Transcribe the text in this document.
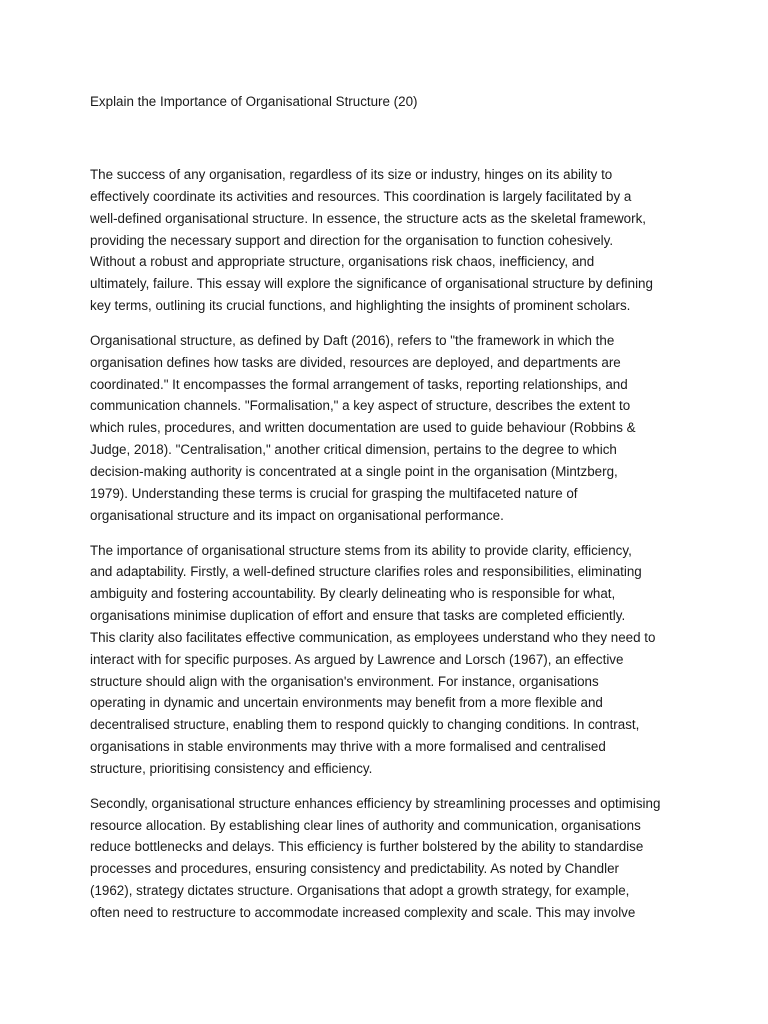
Explain the Importance of Organisational Structure (20)
The success of any organisation, regardless of its size or industry, hinges on its ability to
effectively coordinate its activities and resources. This coordination is largely facilitated by a
well-defined organisational structure. In essence, the structure acts as the skeletal framework,
providing the necessary support and direction for the organisation to function cohesively.
Without a robust and appropriate structure, organisations risk chaos, inefficiency, and
ultimately, failure. This essay will explore the significance of organisational structure by defining
key terms, outlining its crucial functions, and highlighting the insights of prominent scholars.
Organisational structure, as defined by Daft (2016), refers to "the framework in which the
organisation defines how tasks are divided, resources are deployed, and departments are
coordinated." It encompasses the formal arrangement of tasks, reporting relationships, and
communication channels. "Formalisation," a key aspect of structure, describes the extent to
which rules, procedures, and written documentation are used to guide behaviour (Robbins &
Judge, 2018). "Centralisation," another critical dimension, pertains to the degree to which
decision-making authority is concentrated at a single point in the organisation (Mintzberg,
1979). Understanding these terms is crucial for grasping the multifaceted nature of
organisational structure and its impact on organisational performance.
The importance of organisational structure stems from its ability to provide clarity, efficiency,
and adaptability. Firstly, a well-defined structure clarifies roles and responsibilities, eliminating
ambiguity and fostering accountability. By clearly delineating who is responsible for what,
organisations minimise duplication of effort and ensure that tasks are completed efficiently.
This clarity also facilitates effective communication, as employees understand who they need to
interact with for specific purposes. As argued by Lawrence and Lorsch (1967), an effective
structure should align with the organisation's environment. For instance, organisations
operating in dynamic and uncertain environments may benefit from a more flexible and
decentralised structure, enabling them to respond quickly to changing conditions. In contrast,
organisations in stable environments may thrive with a more formalised and centralised
structure, prioritising consistency and efficiency.
Secondly, organisational structure enhances efficiency by streamlining processes and optimising
resource allocation. By establishing clear lines of authority and communication, organisations
reduce bottlenecks and delays. This efficiency is further bolstered by the ability to standardise
processes and procedures, ensuring consistency and predictability. As noted by Chandler
(1962), strategy dictates structure. Organisations that adopt a growth strategy, for example,
often need to restructure to accommodate increased complexity and scale. This may involve
